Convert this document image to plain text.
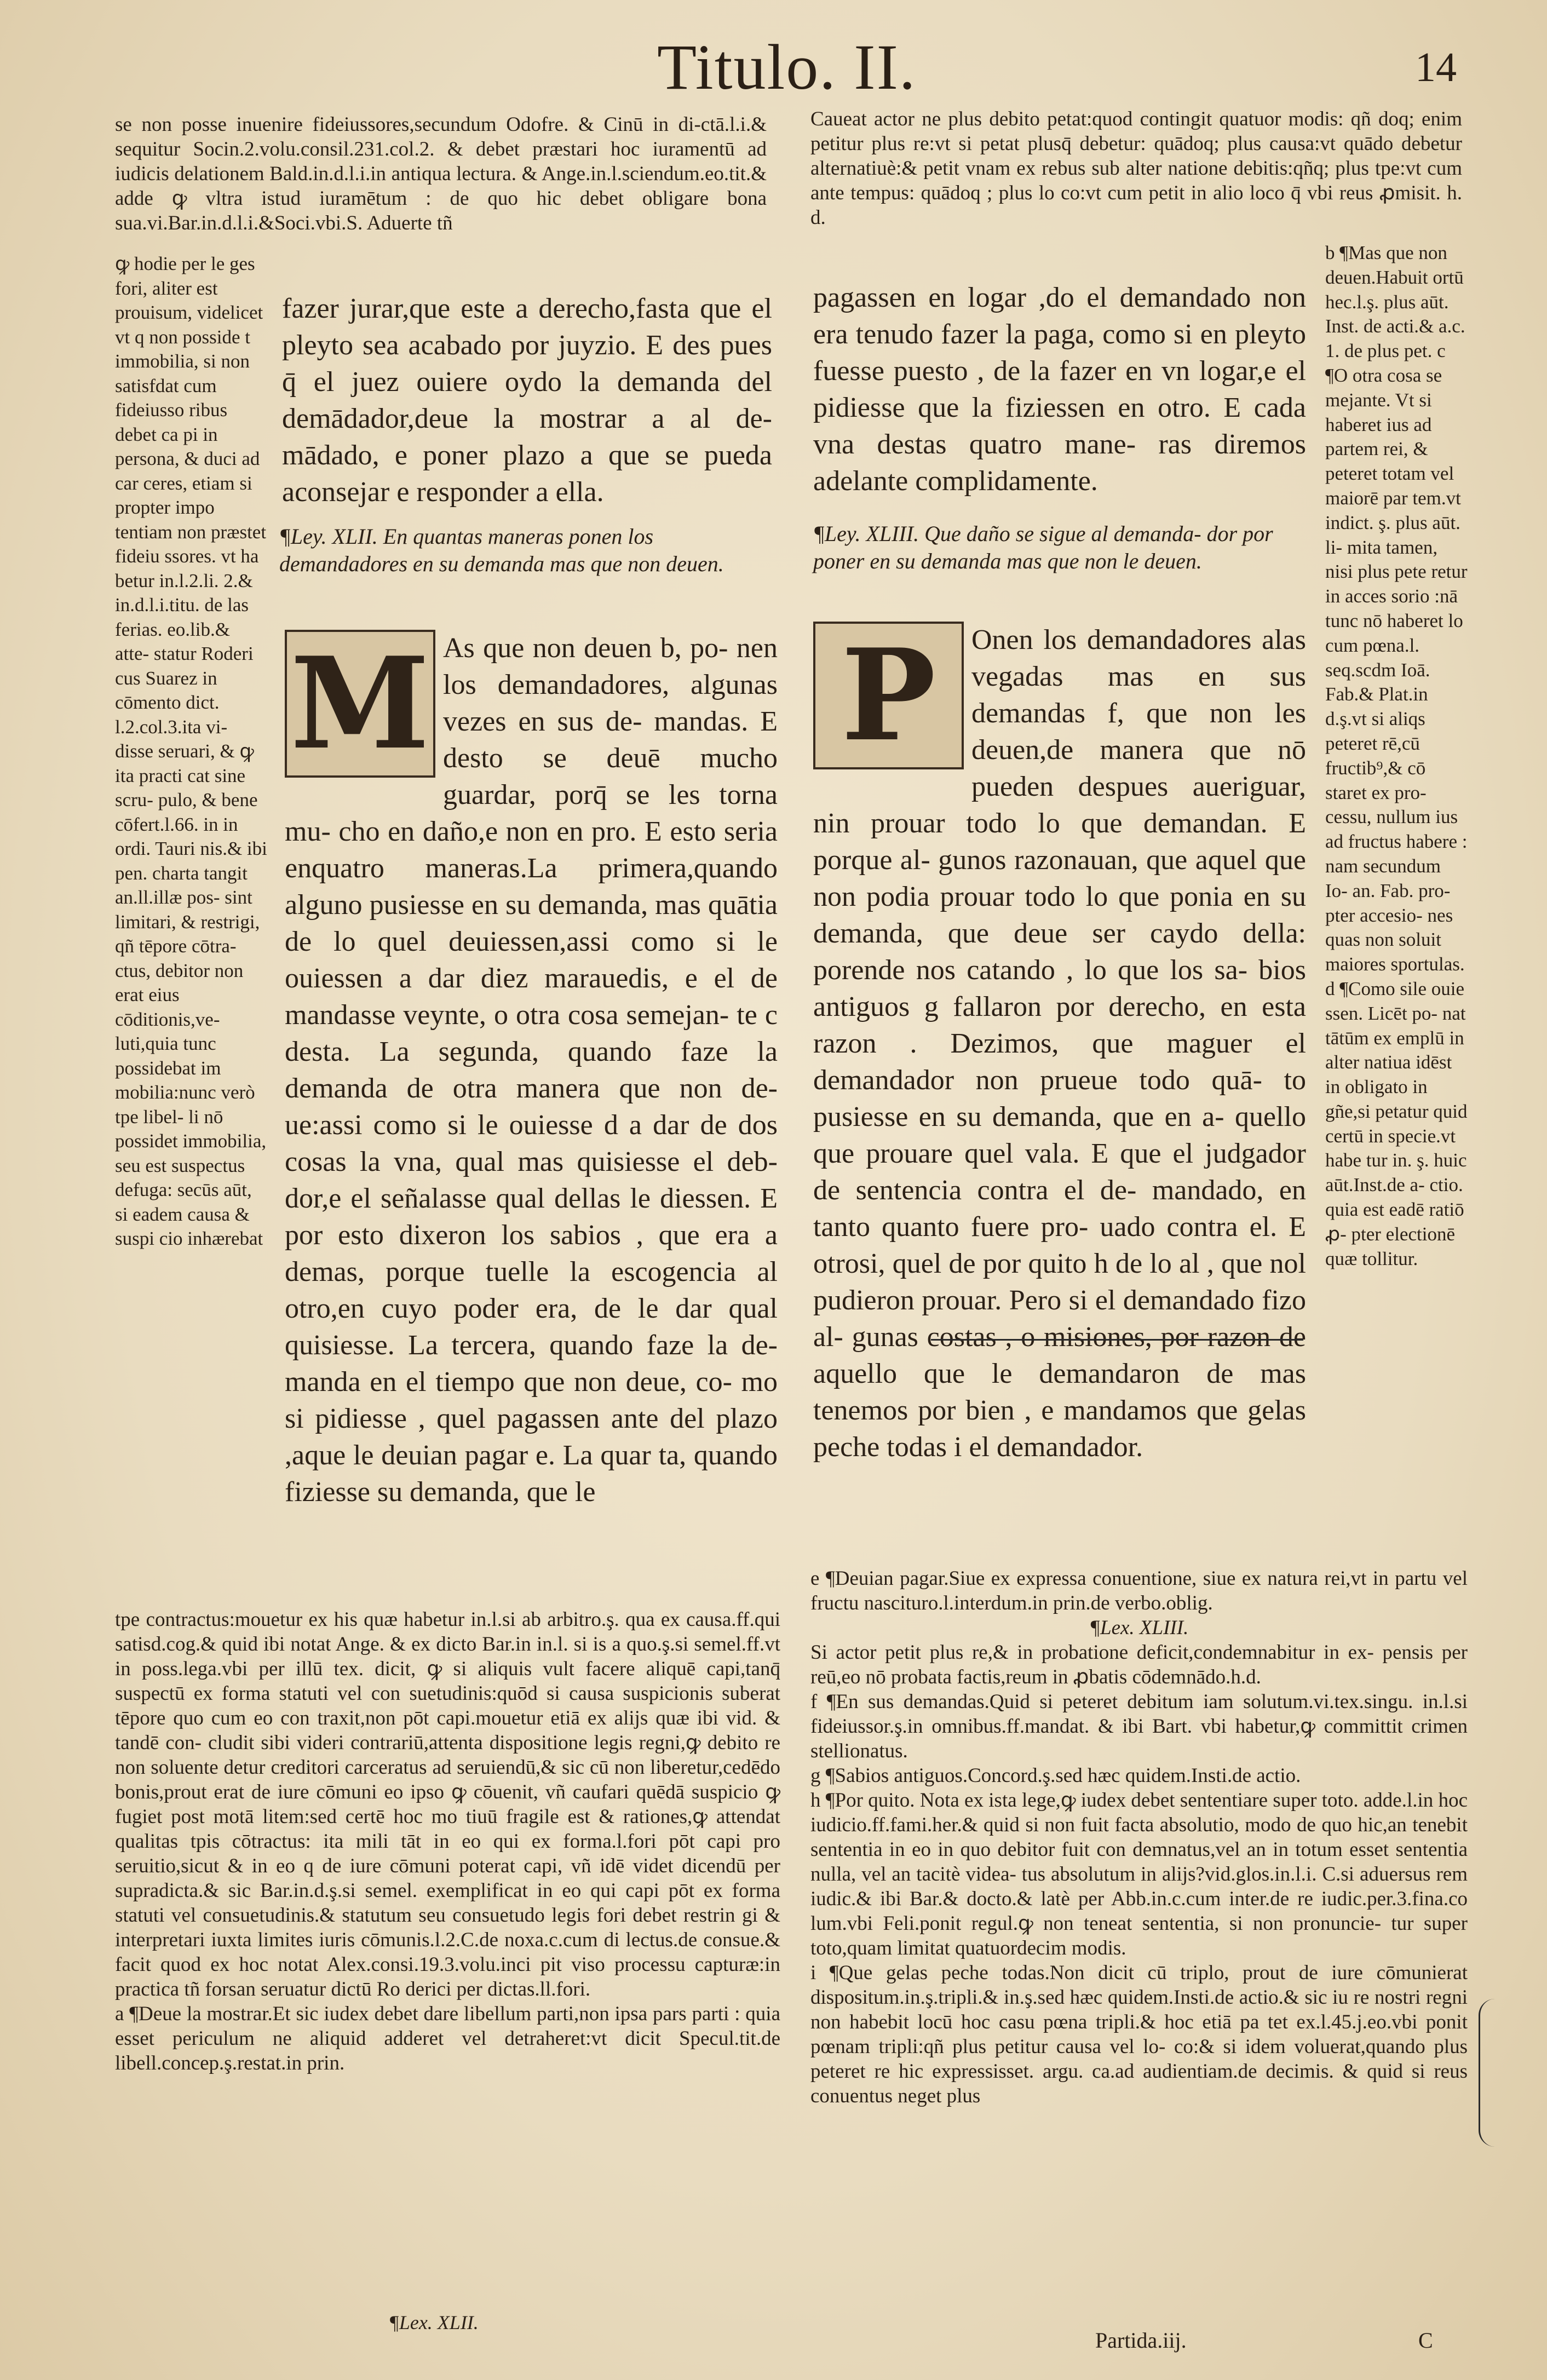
Titulo. II.	14
se non posse inuenire fideiussores,secundum Odofre. & Cinū in di-ctā.l.i.& sequitur Socin.2.volu.consil.231.col.2. & debet præstari hoc iuramentū ad iudicis delationem Bald.in.d.l.i.in antiqua lectura. & Ange.in.l.sciendum.eo.tit.& adde ꝙ vltra istud iuramētum : de quo hic debet obligare bona sua.vi.Bar.in.d.l.i.&Soci.vbi.S. Aduerte tñ
Caueat actor ne plus debito petat:quod contingit quatuor modis: qñ doq; enim petitur plus re:vt si petat plusq̄ debetur: quādoq; plus causa:vt quādo debetur alternatiuè:& petit vnam ex rebus sub alter natione debitis:qñq; plus tpe:vt cum ante tempus: quādoq ; plus lo co:vt cum petit in alio loco q̄ vbi reus ꝓmisit. h. d.
ꝙ hodie per le ges fori, aliter est prouisum, videlicet vt q non posside t immobilia, si non satisfdat cum fideiusso ribus debet ca pi in persona, & duci ad car ceres, etiam si propter impo tentiam non præstet fideiu ssores. vt ha betur in.l.2.li. 2.& in.d.l.i.titu. de las ferias. eo.lib.& atte- statur Roderi cus Suarez in cōmento dict. l.2.col.3.ita vi- disse seruari, & ꝙ ita practi cat sine scru- pulo, & bene cōfert.l.66. in in ordi. Tauri nis.& ibi pen. charta tangit an.ll.illæ pos- sint limitari, & restrigi, qñ tēpore cōtra- ctus, debitor non erat eius cōditionis,ve- luti,quia tunc possidebat im mobilia:nunc verò tpe libel- li nō possidet immobilia, seu est suspectus defuga: secūs aūt, si eadem causa & suspi cio inhærebat
b ¶Mas que non deuen.Habuit ortū hec.l.ş. plus aūt. Inst. de acti.& a.c. 1. de plus pet. c ¶O otra cosa se mejante. Vt si haberet ius ad partem rei, & peteret totam vel maiorē par tem.vt indict. ş. plus aūt. li- mita tamen, nisi plus pete retur in acces sorio :nā tunc nō haberet lo cum pœna.l. seq.scdm Ioā. Fab.& Plat.in d.ş.vt si aliqs peteret rē,cū fructib⁹,& cō staret ex pro- cessu, nullum ius ad fructus habere : nam secundum Io- an. Fab. pro- pter accesio- nes quas non soluit maiores sportulas. d ¶Como sile ouie ssen. Licēt po- nat tātūm ex emplū in alter natiua idēst in obligato in gñe,si petatur quid certū in specie.vt habe tur in. ş. huic aūt.Inst.de a- ctio. quia est eadē ratiō ꝓ- pter electionē quæ tollitur.
fazer jurar,que este a derecho,fasta que el pleyto sea acabado por juyzio. E des pues q̄ el juez ouiere oydo la demanda del demādador,deue la mostrar a al de- mādado, e poner plazo a que se pueda aconsejar e responder a ella.
pagassen en logar ,do el demandado non era tenudo fazer la paga, como si en pleyto fuesse puesto , de la fazer en vn logar,e el pidiesse que la fiziessen en otro. E cada vna destas quatro mane- ras diremos adelante complidamente.
¶Ley. XLII. En quantas maneras ponen los demandadores en su demanda mas que non deuen.
¶Ley. XLIII. Que daño se sigue al demanda- dor por poner en su demanda mas que non le deuen.
M As que non deuen b, po- nen los demandadores, algunas vezes en sus de- mandas. E desto se deuē mucho guardar, porq̄ se les torna mu- cho en daño,e non en pro. E esto seria enquatro maneras.La primera,quando alguno pusiesse en su demanda, mas quātia de lo quel deuiessen,assi como si le ouiessen a dar diez marauedis, e el de mandasse veynte, o otra cosa semejan- te c desta. La segunda, quando faze la demanda de otra manera que non de- ue:assi como si le ouiesse d a dar de dos cosas la vna, qual mas quisiesse el deb- dor,e el señalasse qual dellas le diessen. E por esto dixeron los sabios , que era a demas, porque tuelle la escogencia al otro,en cuyo poder era, de le dar qual quisiesse. La tercera, quando faze la de- manda en el tiempo que non deue, co- mo si pidiesse , quel pagassen ante del plazo ,aque le deuian pagar e. La quar ta, quando fiziesse su demanda, que le
P	Onen los demandadores alas vegadas mas en sus demandas f, que non les deuen,de manera que nō pueden despues aueriguar, nin prouar todo lo que demandan. E porque al- gunos razonauan, que aquel que non podia prouar todo lo que ponia en su demanda, que deue ser caydo della: porende nos catando , lo que los sa- bios antiguos g fallaron por derecho, en esta razon . Dezimos, que maguer el demandador non prueue todo quā- to pusiesse en su demanda, que en a- quello que prouare quel vala. E que el judgador de sentencia contra el de- mandado, en tanto quanto fuere pro- uado contra el. E otrosi, quel de por quito h de lo al , que nol pudieron prouar. Pero si el demandado fizo al- gunas costas , o misiones, por razon de aquello que le demandaron de mas tenemos por bien , e mandamos que gelas peche todas i el demandador.

tpe contractus:mouetur ex his quæ habetur in.l.si ab arbitro.ş. qua ex causa.ff.qui satisd.cog.& quid ibi notat Ange. & ex dicto Bar.in in.l. si is a quo.ş.si semel.ff.vt in poss.lega.vbi per illū tex. dicit, ꝙ si aliquis vult facere aliquē capi,tanq̄ suspectū ex forma statuti vel con suetudinis:quōd si causa suspicionis suberat tēpore quo cum eo con traxit,non pōt capi.mouetur etiā ex alijs quæ ibi vid. & tandē con- cludit sibi videri contrariū,attenta dispositione legis regni,ꝙ debito re non soluente detur creditori carceratus ad seruiendū,& sic cū non liberetur,cedēdo bonis,prout erat de iure cōmuni eo ipso ꝙ cōuenit, vñ caufari quēdā suspicio ꝙ fugiet post motā litem:sed certē hoc mo tiuū fragile est & rationes,ꝙ attendat qualitas tpis cōtractus: ita mili tāt in eo qui ex forma.l.fori pōt capi pro seruitio,sicut & in eo q de iure cōmuni poterat capi, vñ idē videt dicendū per supradicta.& sic Bar.in.d.ş.si semel. exemplificat in eo qui capi pōt ex forma statuti vel consuetudinis.& statutum seu consuetudo legis fori debet restrin gi & interpretari iuxta limites iuris cōmunis.l.2.C.de noxa.c.cum di lectus.de consue.& facit quod ex hoc notat Alex.consi.19.3.volu.inci pit viso processu capturæ:in practica tñ forsan seruatur dictū Ro derici per dictas.ll.fori.

a ¶Deue la mostrar.Et sic iudex debet dare libellum parti,non ipsa pars parti : quia esset periculum ne aliquid adderet vel detraheret:vt dicit Specul.tit.de libell.concep.ş.restat.in prin.

¶Lex. XLII.

e ¶Deuian pagar.Siue ex expressa conuentione, siue ex natura rei,vt in partu vel fructu nascituro.l.interdum.in prin.de verbo.oblig.

¶Lex. XLIII.

Si actor petit plus re,& in probatione deficit,condemnabitur in ex- pensis per reū,eo nō probata factis,reum in ꝓbatis cōdemnādo.h.d.

f ¶En sus demandas.Quid si peteret debitum iam solutum.vi.tex.singu. in.l.si fideiussor.ş.in omnibus.ff.mandat. & ibi Bart. vbi habetur,ꝙ committit crimen stellionatus.

g ¶Sabios antiguos.Concord.ş.sed hæc quidem.Insti.de actio.

h ¶Por quito. Nota ex ista lege,ꝙ iudex debet sententiare super toto. adde.l.in hoc iudicio.ff.fami.her.& quid si non fuit facta absolutio, modo de quo hic,an tenebit sententia in eo in quo debitor fuit con demnatus,vel an in totum esset sententia nulla, vel an tacitè videa- tus absolutum in alijs?vid.glos.in.l.i. C.si aduersus rem iudic.& ibi Bar.& docto.& latè per Abb.in.c.cum inter.de re iudic.per.3.fina.co lum.vbi Feli.ponit regul.ꝙ non teneat sententia, si non pronuncie- tur super toto,quam limitat quatuordecim modis.

i ¶Que gelas peche todas.Non dicit cū triplo, prout de iure cōmunierat dispositum.in.ş.tripli.& in.ş.sed hæc quidem.Insti.de actio.& sic iu re nostri regni non habebit locū hoc casu pœna tripli.& hoc etiā pa tet ex.l.45.j.eo.vbi ponit pœnam tripli:qñ plus petitur causa vel lo- co:& si idem voluerat,quando plus peteret re hic expressisset. argu. ca.ad audientiam.de decimis. & quid si reus conuentus neget plus

Partida.iij.	C
